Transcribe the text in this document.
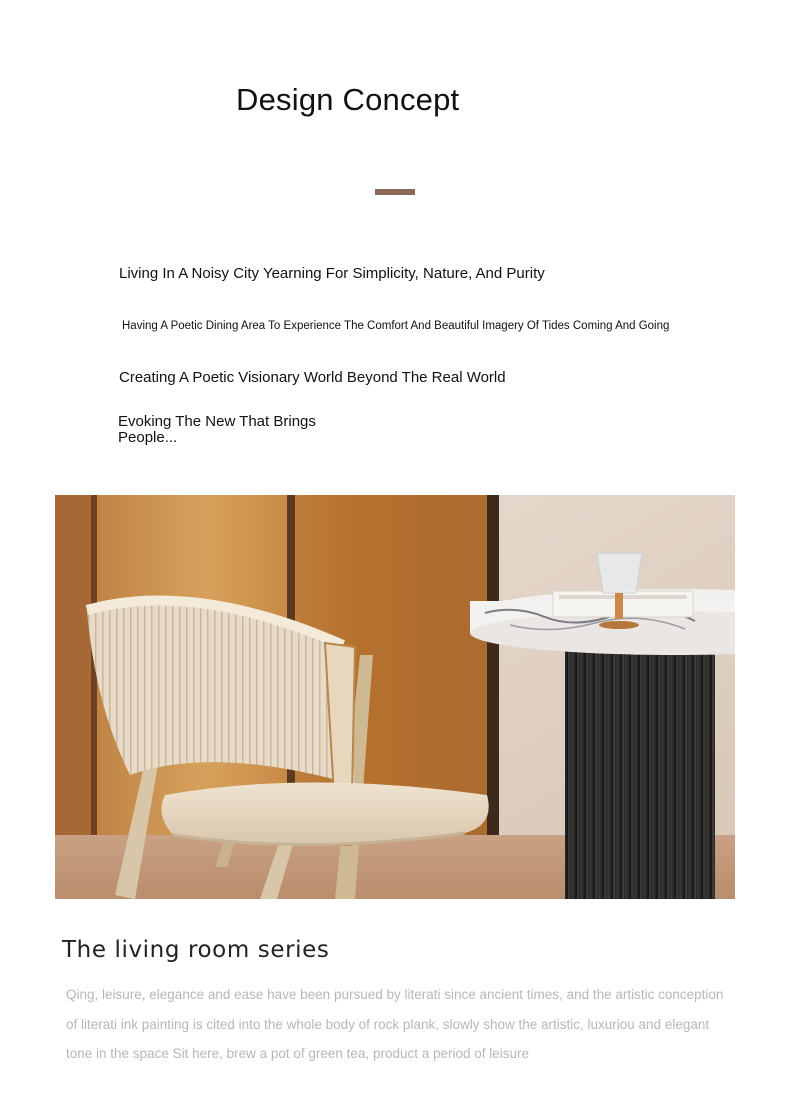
Design Concept
Living In A Noisy City Yearning For Simplicity, Nature, And Purity
Having A Poetic Dining Area To Experience The Comfort And Beautiful Imagery Of Tides Coming And Going
Creating A Poetic Visionary World Beyond The Real World
Evoking The New That Brings People...
The living room series
Qing, leisure, elegance and ease have been pursued by literati since ancient times, and the artistic conception of literati ink painting is cited into the whole body of rock plank, slowly show the artistic, luxuriou and elegant tone in the space Sit here, brew a pot of green tea, product a period of leisure
